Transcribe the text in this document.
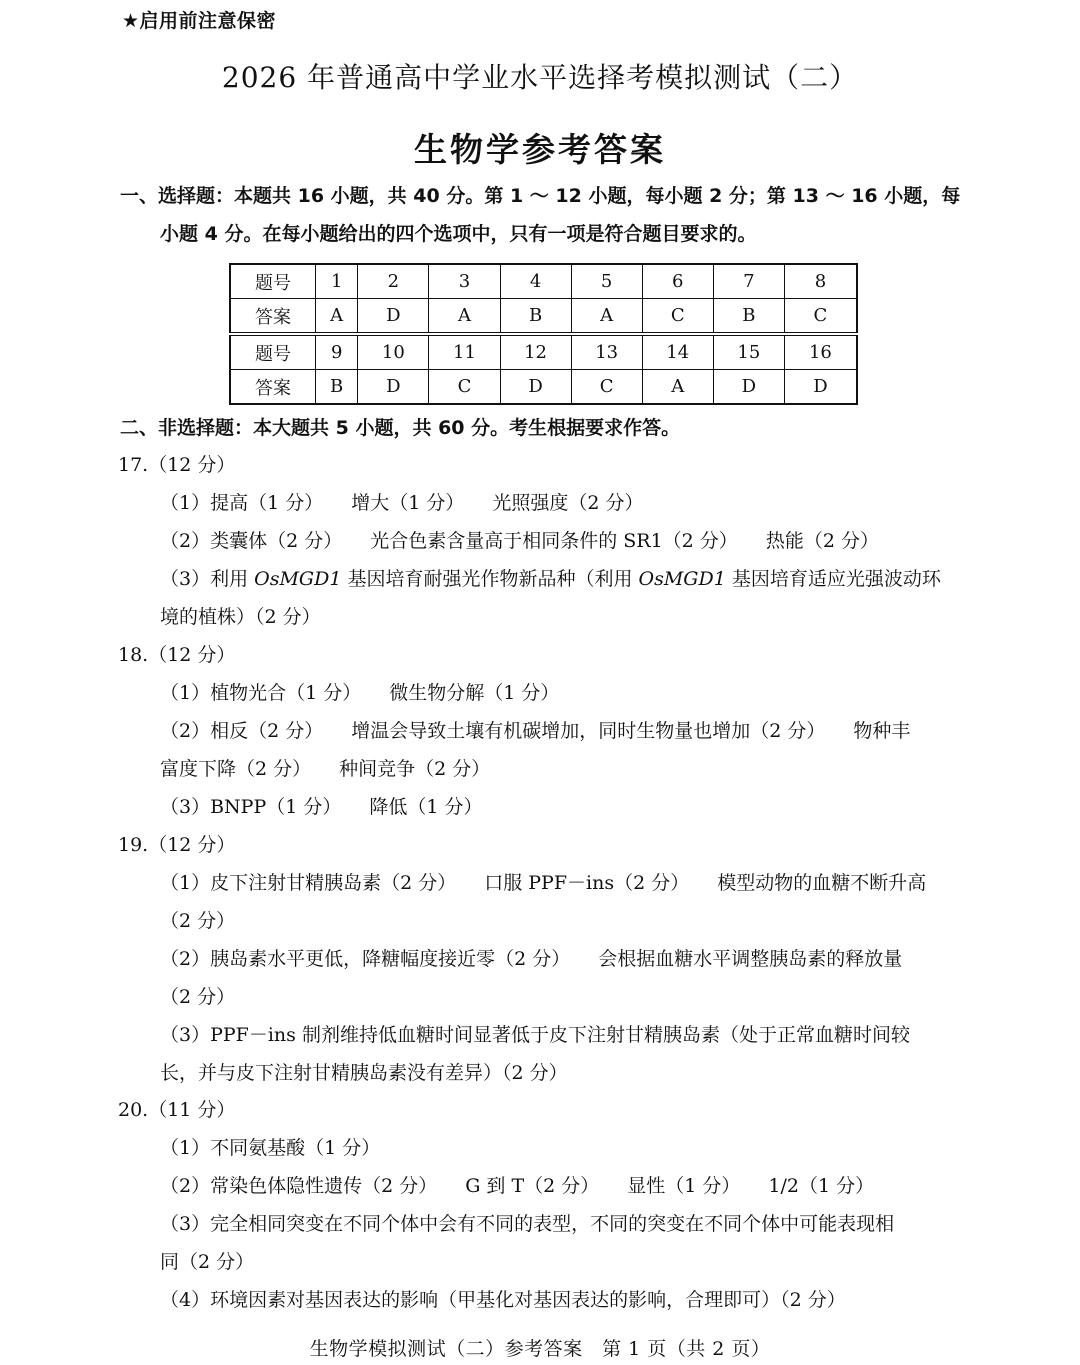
★启用前注意保密
2026 年普通高中学业水平选择考模拟测试（二）
生物学参考答案
一、选择题：本题共 16 小题，共 40 分。第 1 ～ 12 小题，每小题 2 分；第 13 ～ 16 小题，每
小题 4 分。在每小题给出的四个选项中，只有一项是符合题目要求的。
题号	1	2	3	4	5	6	7	8
答案	A	D	A	B	A	C	B	C
题号	9	10	11	12	13	14	15	16
答案	B	D	C	D	C	A	D	D
二、非选择题：本大题共 5 小题，共 60 分。考生根据要求作答。
17.（12 分）
（1）提高（1 分） 增大（1 分） 光照强度（2 分）
（2）类囊体（2 分） 光合色素含量高于相同条件的 SR1（2 分） 热能（2 分）
（3）利用 OsMGD1 基因培育耐强光作物新品种（利用 OsMGD1 基因培育适应光强波动环
境的植株）（2 分）
18.（12 分）
（1）植物光合（1 分） 微生物分解（1 分）
（2）相反（2 分） 增温会导致土壤有机碳增加，同时生物量也增加（2 分） 物种丰
富度下降（2 分） 种间竞争（2 分）
（3）BNPP（1 分） 降低（1 分）
19.（12 分）
（1）皮下注射甘精胰岛素（2 分） 口服 PPF－ins（2 分） 模型动物的血糖不断升高
（2 分）
（2）胰岛素水平更低，降糖幅度接近零（2 分） 会根据血糖水平调整胰岛素的释放量
（2 分）
（3）PPF－ins 制剂维持低血糖时间显著低于皮下注射甘精胰岛素（处于正常血糖时间较
长，并与皮下注射甘精胰岛素没有差异）（2 分）
20.（11 分）
（1）不同氨基酸（1 分）
（2）常染色体隐性遗传（2 分） G 到 T（2 分） 显性（1 分） 1/2（1 分）
（3）完全相同突变在不同个体中会有不同的表型，不同的突变在不同个体中可能表现相
同（2 分）
（4）环境因素对基因表达的影响（甲基化对基因表达的影响，合理即可）（2 分）
生物学模拟测试（二）参考答案　第 1 页（共 2 页）
